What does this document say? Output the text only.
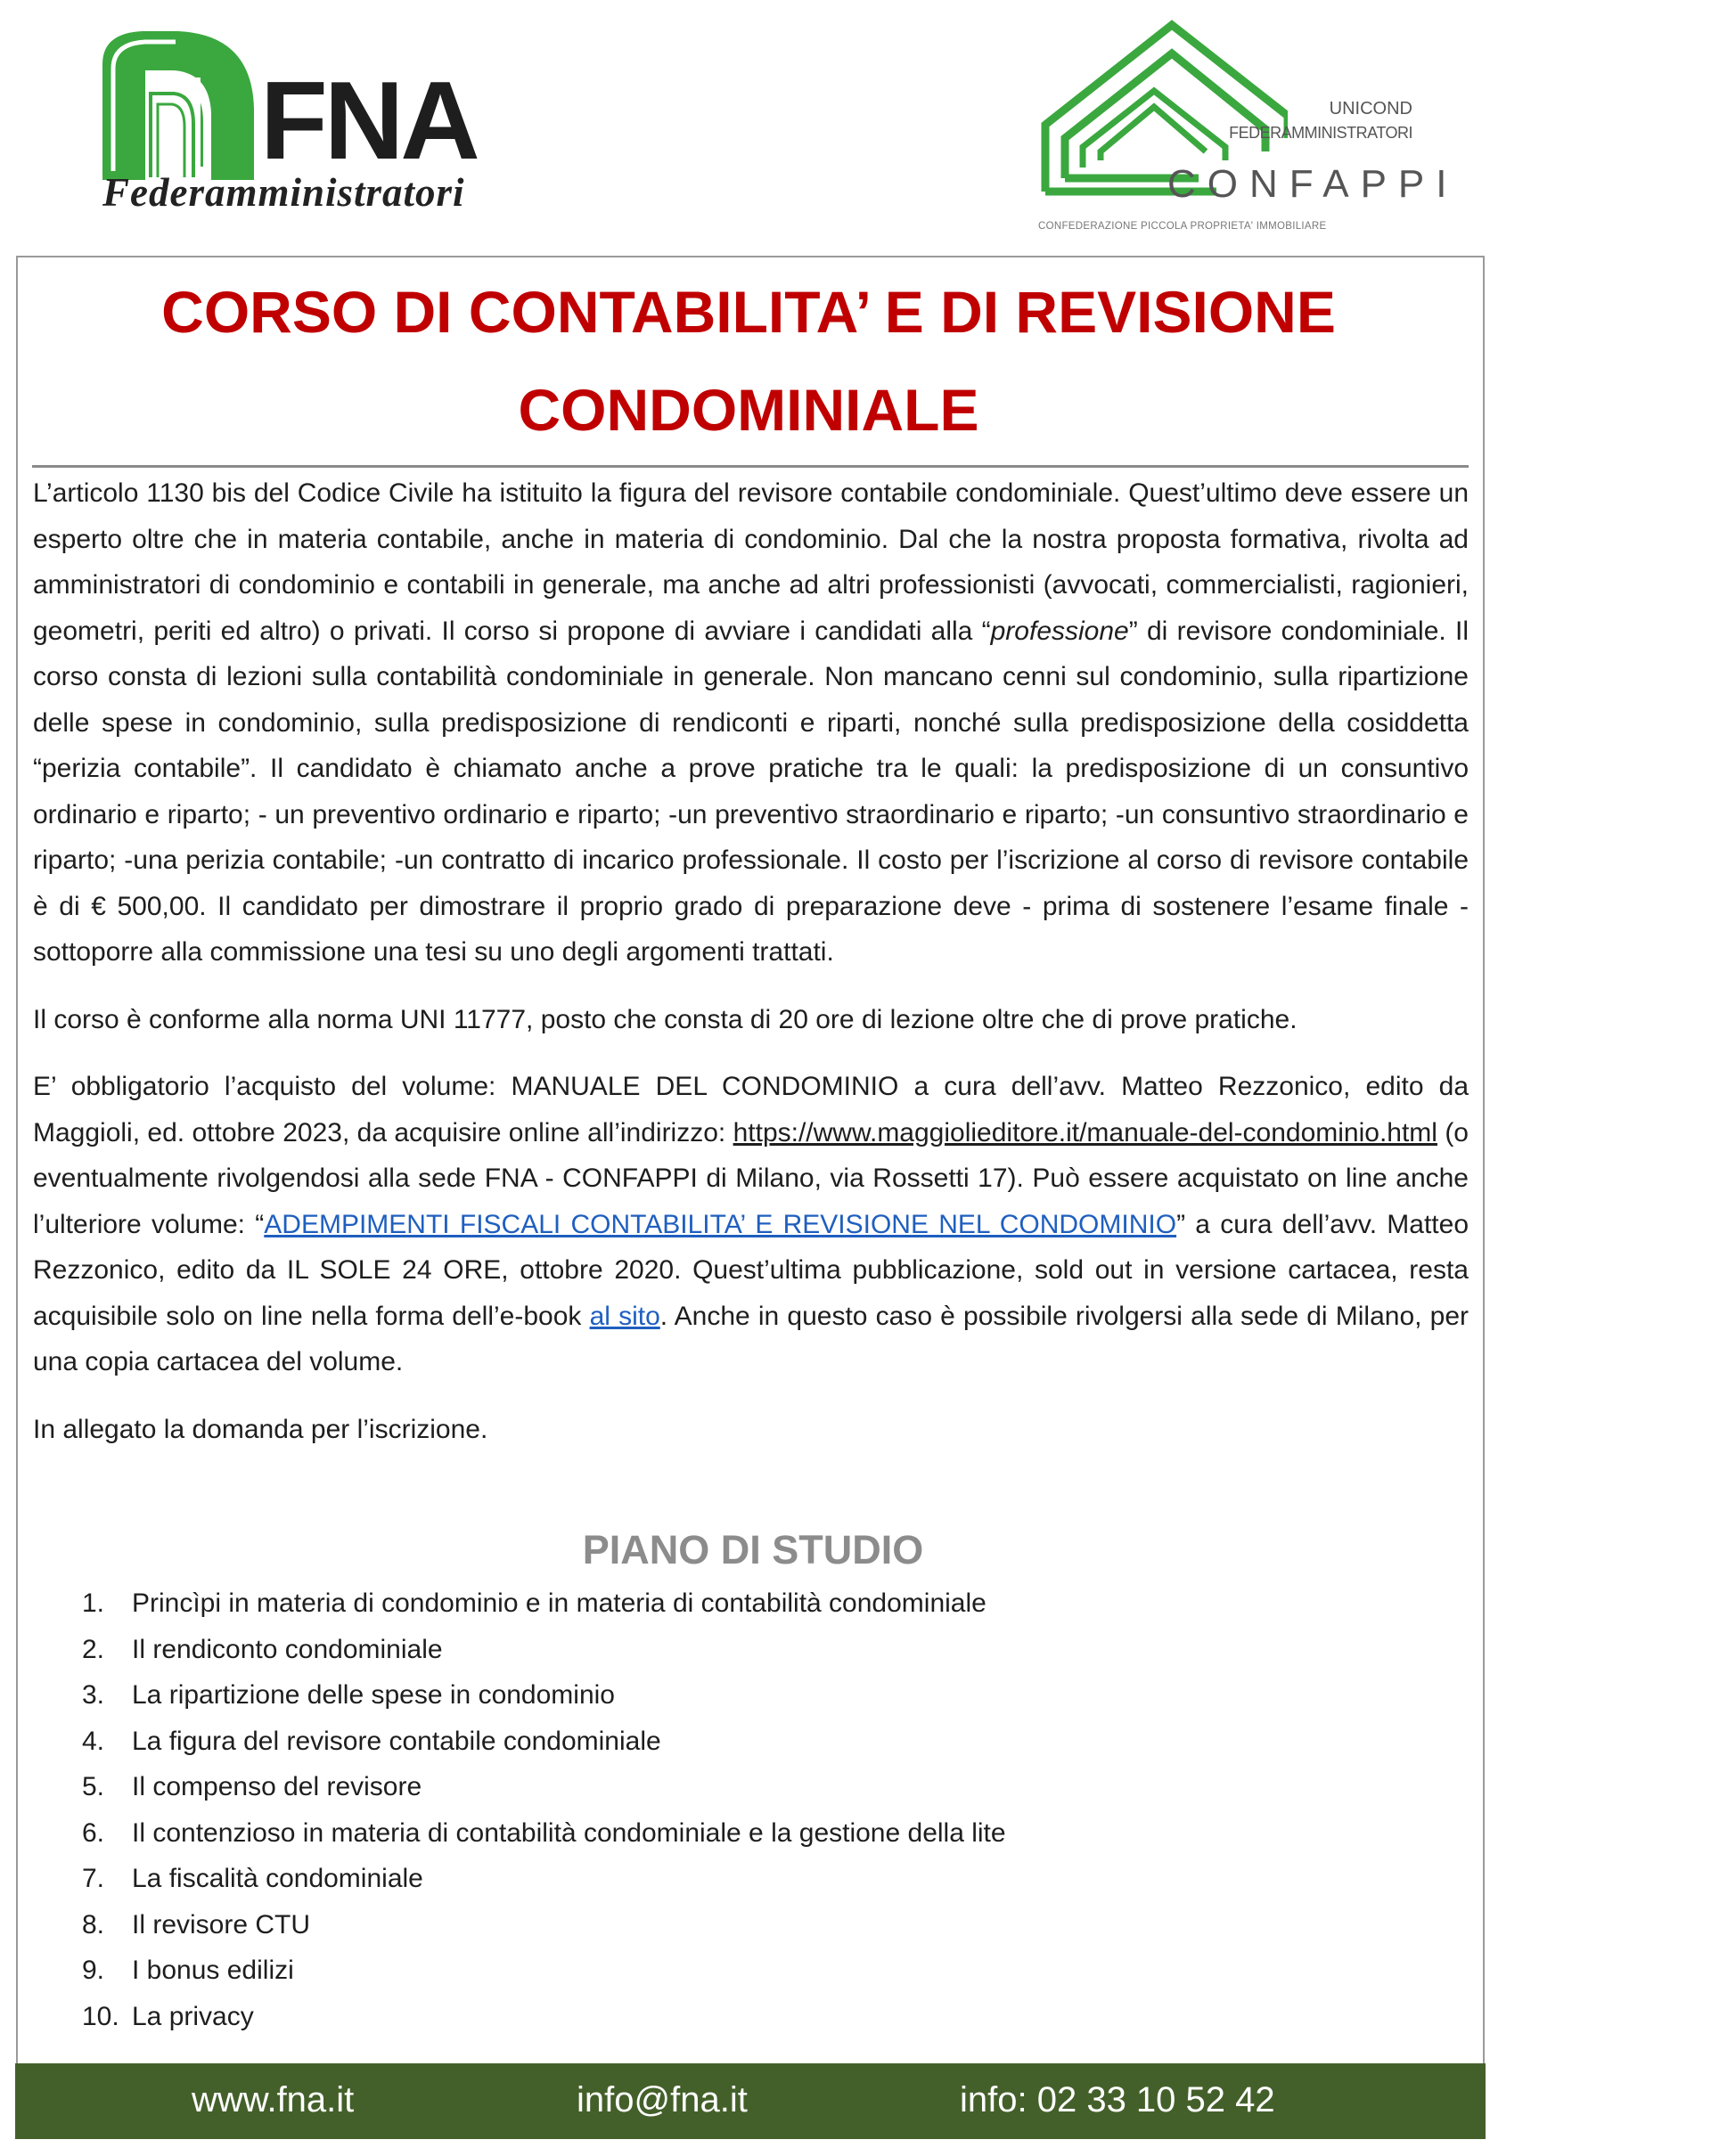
FNA
Federamministratori
UNICOND
FEDERAMMINISTRATORI
CONFAPPI
CONFEDERAZIONE PICCOLA PROPRIETA' IMMOBILIARE
CORSO DI CONTABILITA’ E DI REVISIONE
CONDOMINIALE

L’articolo 1130 bis del Codice Civile ha istituito la figura del revisore contabile condominiale. Quest’ultimo deve essere un esperto oltre che in materia contabile, anche in materia di condominio. Dal che la nostra proposta formativa, rivolta ad amministratori di condominio e contabili in generale, ma anche ad altri professionisti (avvocati, commercialisti, ragionieri, geometri, periti ed altro) o privati. Il corso si propone di avviare i candidati alla “professione” di revisore condominiale. Il corso consta di lezioni sulla contabilità condominiale in generale. Non mancano cenni sul condominio, sulla ripartizione delle spese in condominio, sulla predisposizione di rendiconti e riparti, nonché sulla predisposizione della cosiddetta “perizia contabile”. Il candidato è chiamato anche a prove pratiche tra le quali: la predisposizione di un consuntivo ordinario e riparto; - un preventivo ordinario e riparto; -un preventivo straordinario e riparto; -un consuntivo straordinario e riparto; -una perizia contabile; -un contratto di incarico professionale. Il costo per l’iscrizione al corso di revisore contabile è di € 500,00. Il candidato per dimostrare il proprio grado di preparazione deve - prima di sostenere l’esame finale - sottoporre alla commissione una tesi su uno degli argomenti trattati.

Il corso è conforme alla norma UNI 11777, posto che consta di 20 ore di lezione oltre che di prove pratiche.

E’ obbligatorio l’acquisto del volume: MANUALE DEL CONDOMINIO a cura dell’avv. Matteo Rezzonico, edito da Maggioli, ed. ottobre 2023, da acquisire online all’indirizzo: https://www.maggiolieditore.it/manuale-del-condominio.html (o eventualmente rivolgendosi alla sede FNA - CONFAPPI di Milano, via Rossetti 17). Può essere acquistato on line anche l’ulteriore volume: “ADEMPIMENTI FISCALI CONTABILITA’ E REVISIONE NEL CONDOMINIO” a cura dell’avv. Matteo Rezzonico, edito da IL SOLE 24 ORE, ottobre 2020. Quest’ultima pubblicazione, sold out in versione cartacea, resta acquisibile solo on line nella forma dell’e-book al sito. Anche in questo caso è possibile rivolgersi alla sede di Milano, per una copia cartacea del volume.

In allegato la domanda per l’iscrizione.

PIANO DI STUDIO
1. Princìpi in materia di condominio e in materia di contabilità condominiale
2. Il rendiconto condominiale
3. La ripartizione delle spese in condominio
4. La figura del revisore contabile condominiale
5. Il compenso del revisore
6. Il contenzioso in materia di contabilità condominiale e la gestione della lite
7. La fiscalità condominiale
8. Il revisore CTU
9. I bonus edilizi
10. La privacy
www.fna.it	info@fna.it	info: 02 33 10 52 42
